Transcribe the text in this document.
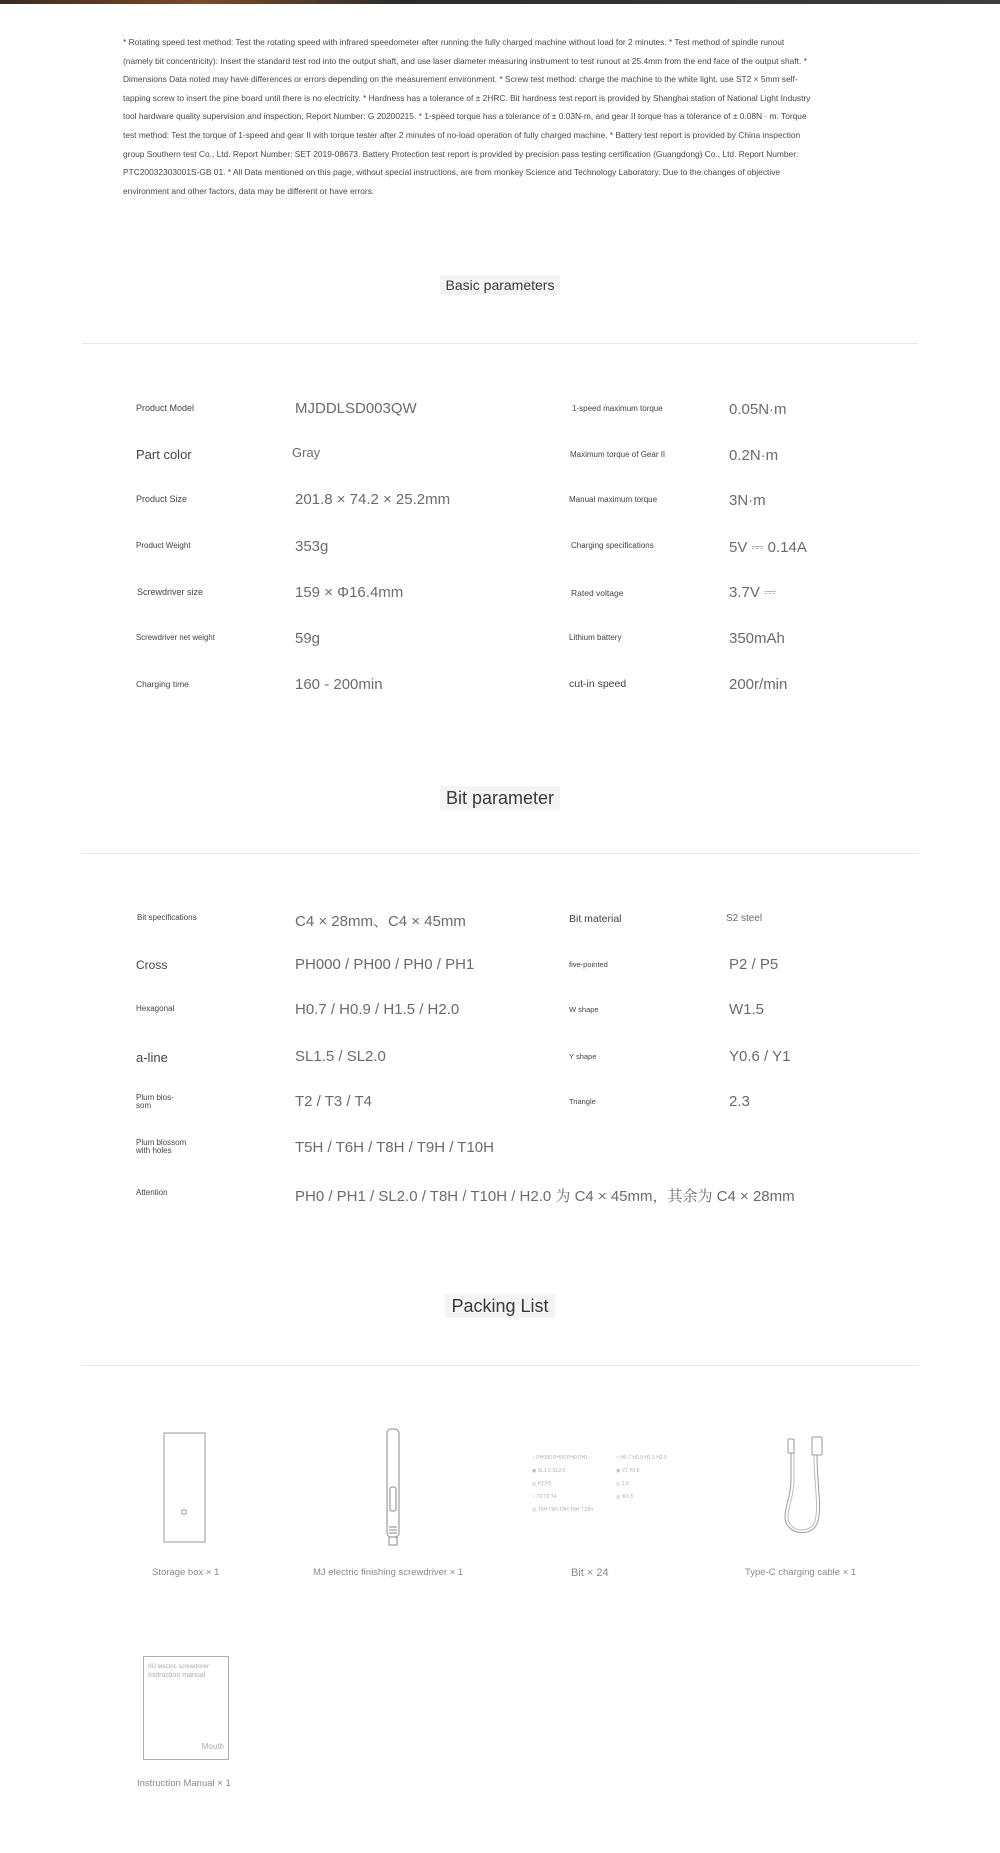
* Rotating speed test method: Test the rotating speed with infrared speedometer after running the fully charged machine without load for 2 minutes. * Test method of spindle runout (namely bit concentricity): Insert the standard test rod into the output shaft, and use laser diameter measuring instrument to test runout at 25.4mm from the end face of the output shaft. * Dimensions Data noted may have differences or errors depending on the measurement environment. * Screw test method: charge the machine to the white light, use ST2 × 5mm self-tapping screw to insert the pine board until there is no electricity. * Hardness has a tolerance of ± 2HRC. Bit hardness test report is provided by Shanghai station of National Light Industry tool hardware quality supervision and inspection, Report Number: G 20200215. * 1-speed torque has a tolerance of ± 0.03N-m, and gear II torque has a tolerance of ± 0.08N · m. Torque test method: Test the torque of 1-speed and gear II with torque tester after 2 minutes of no-load operation of fully charged machine. * Battery test report is provided by China inspection group Southern test Co., Ltd. Report Number: SET 2019-08673. Battery Protection test report is provided by precision pass testing certification (Guangdong) Co., Ltd. Report Number: PTC20032303001S-GB 01. * All Data mentioned on this page, without special instructions, are from monkey Science and Technology Laboratory. Due to the changes of objective environment and other factors, data may be different or have errors.
Basic parameters
Product Model	MJDDLSD003QW	1-speed maximum torque	0.05N·m
Part color	Gray	Maximum torque of Gear II	0.2N·m
Product Size	201.8 × 74.2 × 25.2mm	Manual maximum torque	3N·m
Product Weight	353g	Charging specifications	5V ⎓ 0.14A
Screwdriver size	159 × Φ16.4mm	Rated voltage	3.7V ⎓
Screwdriver net weight	59g	Lithium battery	350mAh
Charging time	160 - 200min	cut-in speed	200r/min
Bit parameter
Bit specifications	C4 × 28mm、C4 × 45mm	Bit material	S2 steel
Cross	PH000 / PH00 / PH0 / PH1	five-pointed	P2 / P5
Hexagonal	H0.7 / H0.9 / H1.5 / H2.0	W shape	W1.5
a-line	SL1.5 / SL2.0	Y shape	Y0.6 / Y1
Plum blos-som	T2 / T3 / T4	Triangle	2.3
Plum blossom with holes	T5H / T6H / T8H / T9H / T10H
Attention	PH0 / PH1 / SL2.0 / T8H / T10H / H2.0 为 C4 × 45mm，其余为 C4 × 28mm
Packing List
Storage box × 1	MJ electric finishing screwdriver × 1
○ PH000 PH00 PH0 PH1	○ H0.7 H0.9 H1.5 H2.0
◉ SL1.5 SL2.0	◉ Y1 Y0.6
◎ P2 P5	◎ 2.3
○ T2 T3 T4	◎ W1.5
◎ T5H T6H T8H T9H T10H
Bit × 24	Type-C charging cable × 1
MJ electric screwdriver
Instruction manual
Mouth
Instruction Manual × 1
